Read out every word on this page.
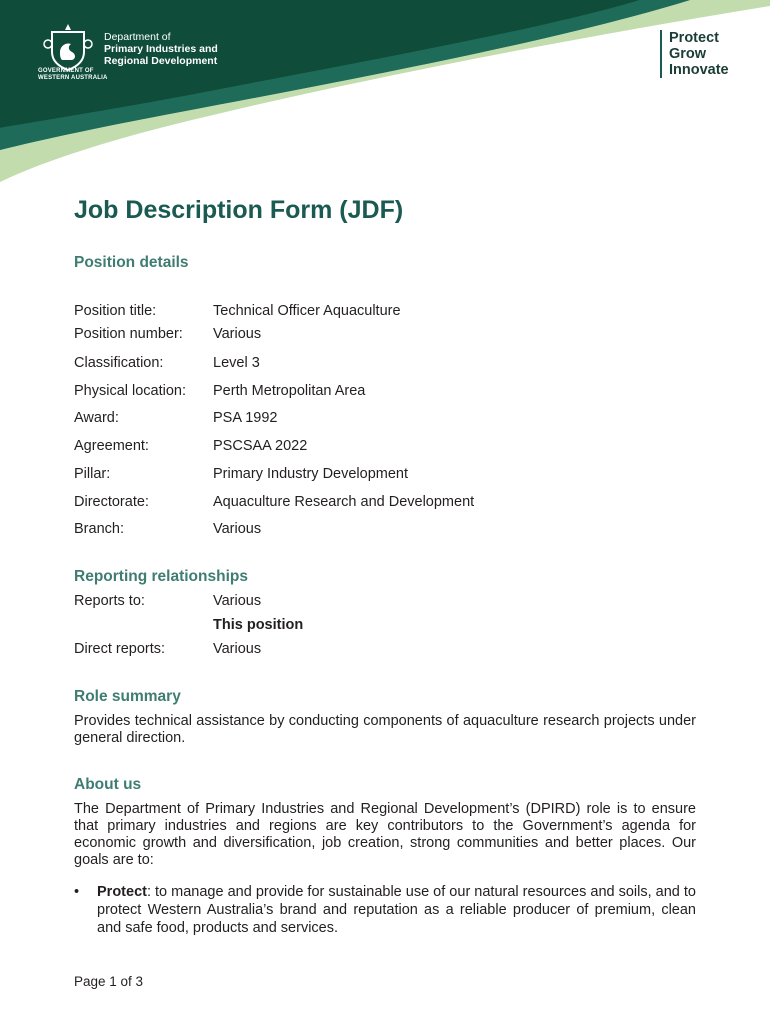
GOVERNMENT OF
WESTERN AUSTRALIA
Department of
Primary Industries and
Regional Development
Protect
Grow
Innovate
Job Description Form (JDF)
Position details
Position title:	Technical Officer Aquaculture
Position number: Various
Classification:	Level 3
Physical location: Perth Metropolitan Area
Award:	PSA 1992
Agreement:	PSCSAA 2022
Pillar:	Primary Industry Development
Directorate:	Aquaculture Research and Development
Branch:	Various
Reporting relationships
Reports to:	Various
This position
Direct reports:	Various
Role summary
Provides technical assistance by conducting components of aquaculture research projects under general direction.
About us
The Department of Primary Industries and Regional Development’s (DPIRD) role is to ensure that primary industries and regions are key contributors to the Government’s agenda for economic growth and diversification, job creation, strong communities and better places. Our goals are to:
• Protect: to manage and provide for sustainable use of our natural resources and soils, and to protect Western Australia’s brand and reputation as a reliable producer of premium, clean and safe food, products and services.
Page 1 of 3
